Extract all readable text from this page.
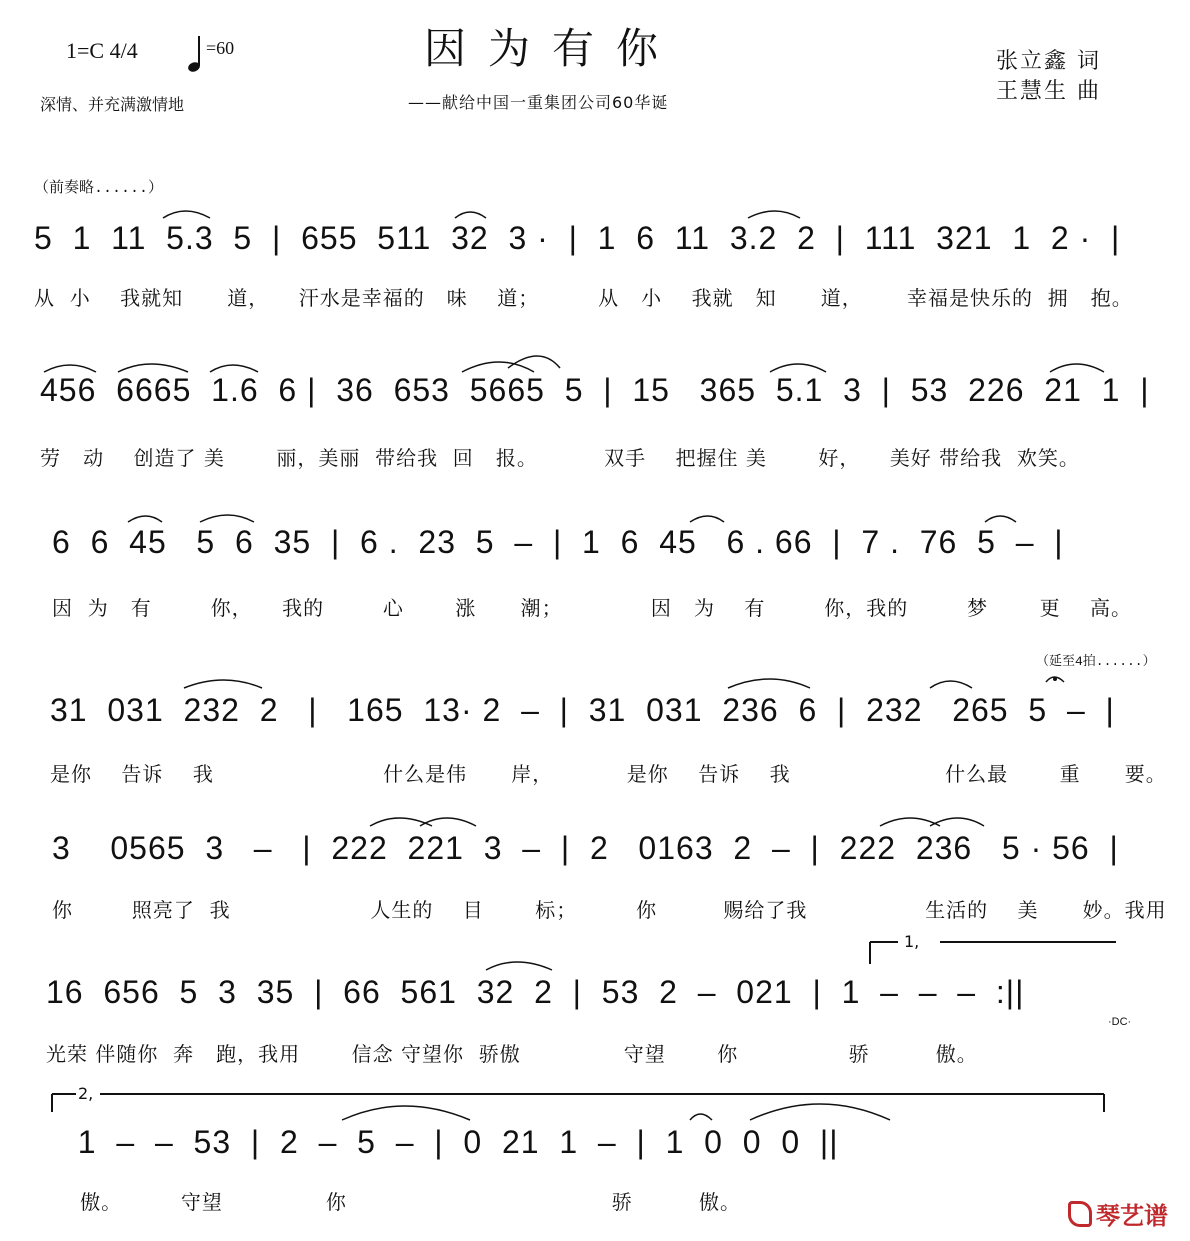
1=C 4/4	=60
深情、并充满激情地
因为有你
——献给中国一重集团公司60华诞
张立鑫 词
王慧生 曲
（前奏略......）
5  1  11  5.3  5  |  655  511  32  3 ·  |  1  6  11  3.2  2  |  111  321  1  2 ·  |
从  小    我就知      道，    汗水是幸福的   味    道；        从   小    我就   知      道，      幸福是快乐的  拥   抱。
456  6665  1.6  6 |  36  653  5665  5  |  15   365  5.1  3  |  53  226  21  1  |
劳   动    创造了 美       丽，美丽  带给我  回   报。         双手    把握住 美       好，    美好 带给我  欢笑。
6  6  45   5  6  35  |  6 .  23  5  –  |  1  6  45   6 . 66  |  7 .  76  5  –  |
因  为   有        你，    我的        心       涨      潮；            因   为    有        你，我的        梦       更    高。
（延至4拍......）
31  031  232  2   |   165  13· 2  –  |  31  031  236  6  |  232   265  5  –  |
是你    告诉    我                       什么是伟      岸，          是你    告诉    我                     什么最       重      要。
3    0565  3   –   |  222  221  3  –  |  2   0163  2  –  |  222  236   5 · 56  |
你        照亮了  我                   人生的    目       标；        你         赐给了我                生活的    美      妙。我用
1,
16  656  5  3  35  |  66  561  32  2  |  53  2  –  021  |  1  –  –  –  :||
·DC·
光荣 伴随你  奔   跑，我用       信念 守望你  骄傲              守望       你               骄         傲。
2,
1  –  –  53  |  2  –  5  –  |  0  21  1  –  |  1  0  0  0  ||
傲。        守望              你                                    骄         傲。	琴艺谱
